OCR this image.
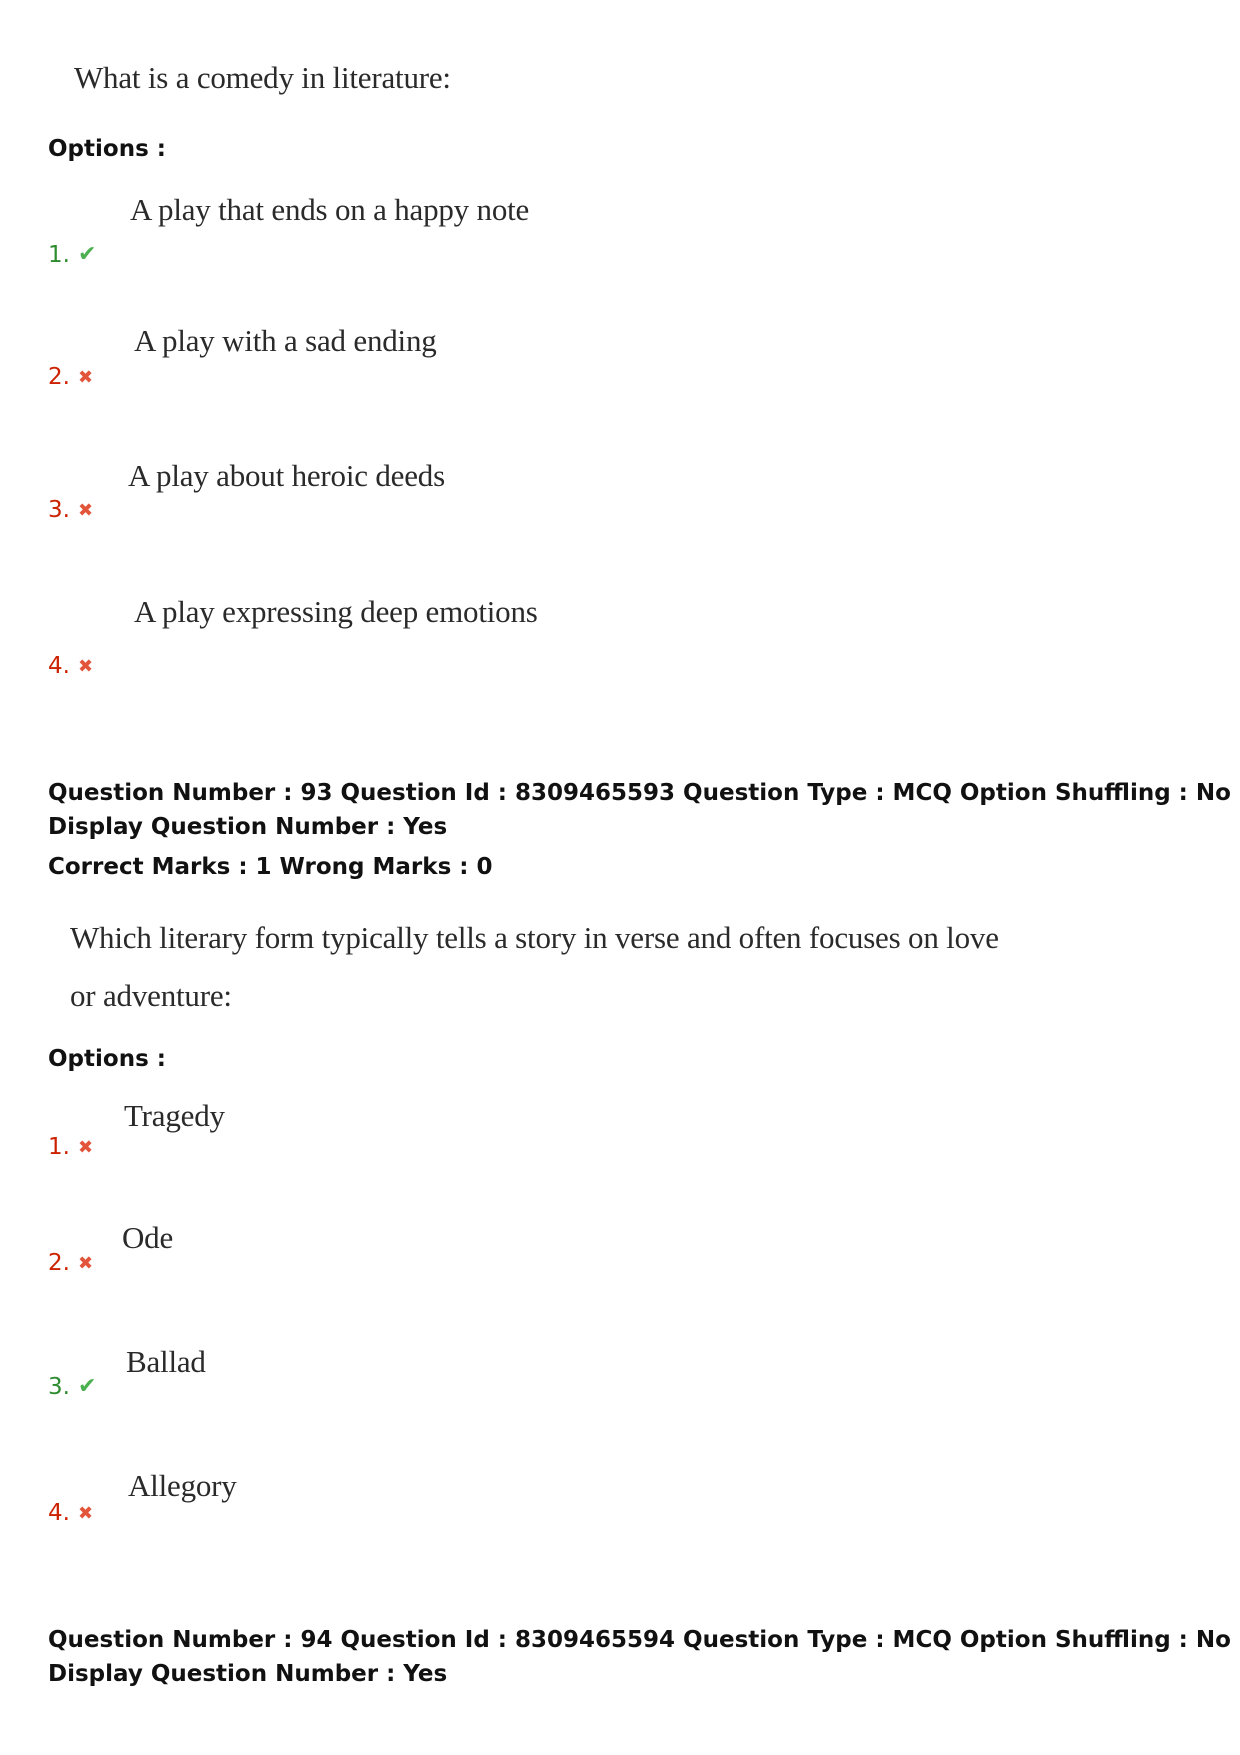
What is a comedy in literature:
Options :
A play that ends on a happy note
1. ✔
A play with a sad ending
2. ✖
A play about heroic deeds
3. ✖
A play expressing deep emotions
4. ✖
Question Number : 93 Question Id : 8309465593 Question Type : MCQ Option Shuffling : No
Display Question Number : Yes
Correct Marks : 1 Wrong Marks : 0
Which literary form typically tells a story in verse and often focuses on love
or adventure:
Options :
Tragedy
1. ✖
Ode
2. ✖
Ballad
3. ✔
Allegory
4. ✖
Question Number : 94 Question Id : 8309465594 Question Type : MCQ Option Shuffling : No
Display Question Number : Yes
